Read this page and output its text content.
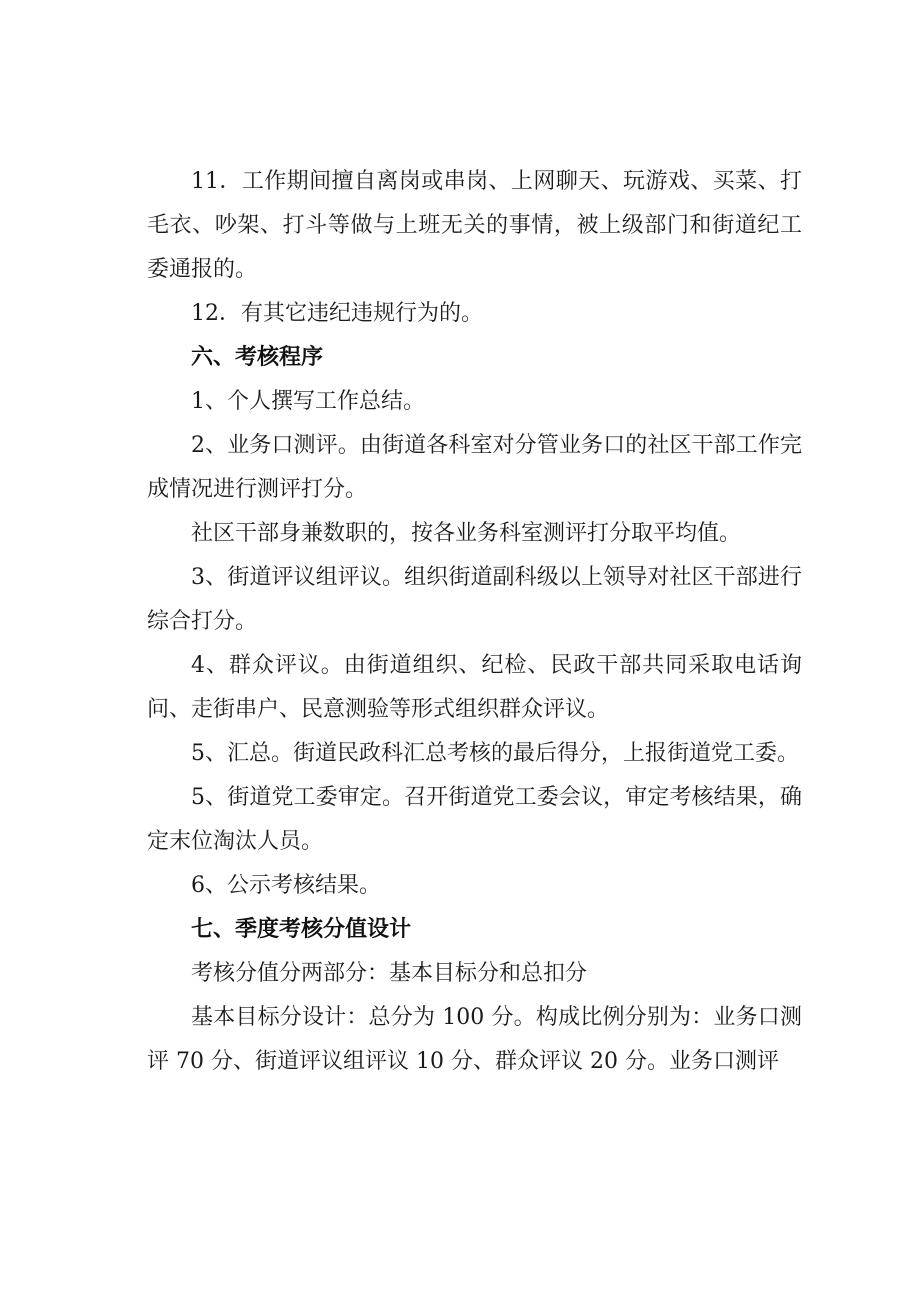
11．工作期间擅自离岗或串岗、上网聊天、玩游戏、买菜、打毛衣、吵架、打斗等做与上班无关的事情，被上级部门和街道纪工委通报的。

12．有其它违纪违规行为的。

六、考核程序

1、个人撰写工作总结。

2、业务口测评。由街道各科室对分管业务口的社区干部工作完成情况进行测评打分。

社区干部身兼数职的，按各业务科室测评打分取平均值。

3、街道评议组评议。组织街道副科级以上领导对社区干部进行综合打分。

4、群众评议。由街道组织、纪检、民政干部共同采取电话询问、走街串户、民意测验等形式组织群众评议。

5、汇总。街道民政科汇总考核的最后得分，上报街道党工委。

5、街道党工委审定。召开街道党工委会议，审定考核结果，确定末位淘汰人员。

6、公示考核结果。

七、季度考核分值设计

考核分值分两部分：基本目标分和总扣分

基本目标分设计：总分为 100 分。构成比例分别为：业务口测评 70 分、街道评议组评议 10 分、群众评议 20 分。业务口测评
